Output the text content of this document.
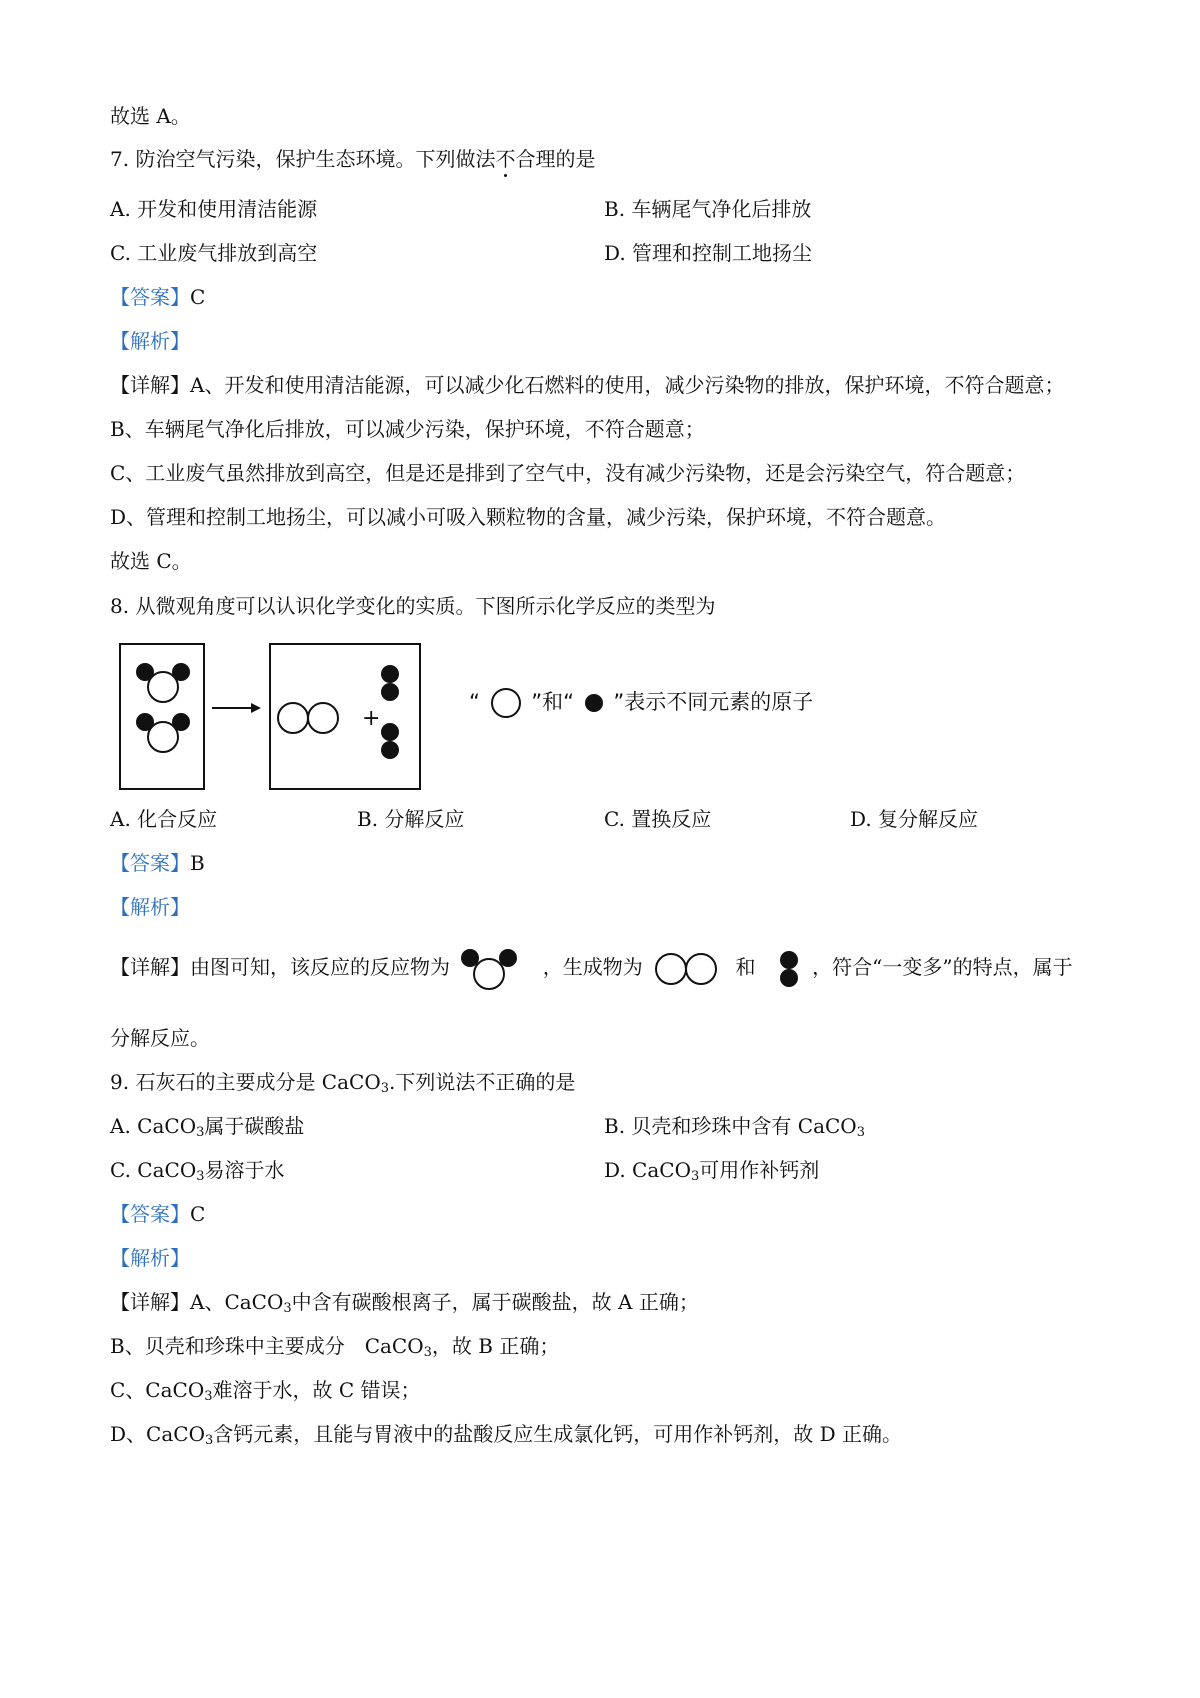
故选 A。
7. 防治空气污染，保护生态环境。下列做法不合理的是
A. 开发和使用清洁能源	B. 车辆尾气净化后排放
C. 工业废气排放到高空	D. 管理和控制工地扬尘
【答案】C
【解析】
【详解】A、开发和使用清洁能源，可以减少化石燃料的使用，减少污染物的排放，保护环境，不符合题意；
B、车辆尾气净化后排放，可以减少污染，保护环境，不符合题意；
C、工业废气虽然排放到高空，但是还是排到了空气中，没有减少污染物，还是会污染空气，符合题意；
D、管理和控制工地扬尘，可以减小可吸入颗粒物的含量，减少污染，保护环境，不符合题意。
故选 C。
8. 从微观角度可以认识化学变化的实质。下图所示化学反应的类型为
+
“ ”和“ ”表示不同元素的原子
A. 化合反应	B. 分解反应	C. 置换反应	D. 复分解反应
【答案】B
【解析】
【详解】由图可知，该反应的反应物为	，生成物为	和	，符合“一变多”的特点，属于
分解反应。
9. 石灰石的主要成分是 CaCO$_3$.下列说法不正确的是
A. CaCO$_3$属于碳酸盐	B. 贝壳和珍珠中含有 CaCO$_3$
C. CaCO$_3$易溶于水	D. CaCO$_3$可用作补钙剂
【答案】C
【解析】
【详解】A、CaCO$_3$中含有碳酸根离子，属于碳酸盐，故 A 正确；
B、贝壳和珍珠中主要成分　CaCO$_3$，故 B 正确；
C、CaCO$_3$难溶于水，故 C 错误；
D、CaCO$_3$含钙元素，且能与胃液中的盐酸反应生成氯化钙，可用作补钙剂，故 D 正确。
